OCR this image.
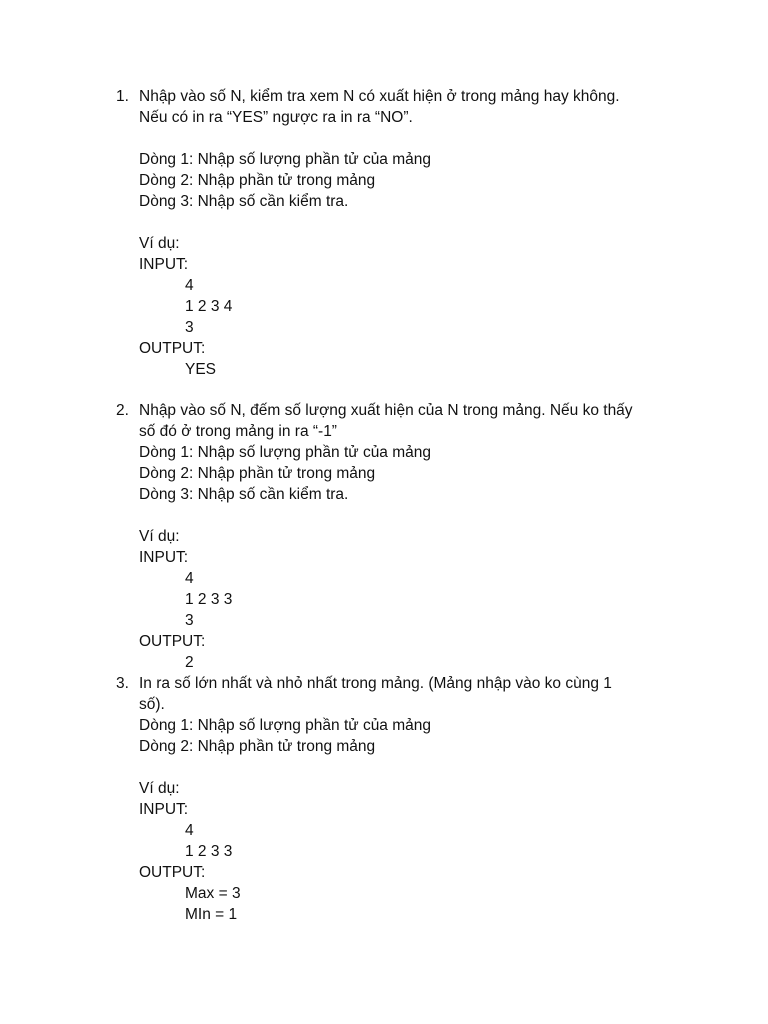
1. Nhập vào số N, kiểm tra xem N có xuất hiện ở trong mảng hay không.
Nếu có in ra “YES” ngược ra in ra “NO”.
Dòng 1: Nhập số lượng phần tử của mảng
Dòng 2: Nhập phần tử trong mảng
Dòng 3: Nhập số cần kiểm tra.
Ví dụ:
INPUT:
4
1 2 3 4
3
OUTPUT:
YES
2. Nhập vào số N, đếm số lượng xuất hiện của N trong mảng. Nếu ko thấy
số đó ở trong mảng in ra “-1”
Dòng 1: Nhập số lượng phần tử của mảng
Dòng 2: Nhập phần tử trong mảng
Dòng 3: Nhập số cần kiểm tra.
Ví dụ:
INPUT:
4
1 2 3 3
3
OUTPUT:
2
3. In ra số lớn nhất và nhỏ nhất trong mảng. (Mảng nhập vào ko cùng 1
số).
Dòng 1: Nhập số lượng phần tử của mảng
Dòng 2: Nhập phần tử trong mảng
Ví dụ:
INPUT:
4
1 2 3 3
OUTPUT:
Max = 3
MIn = 1
